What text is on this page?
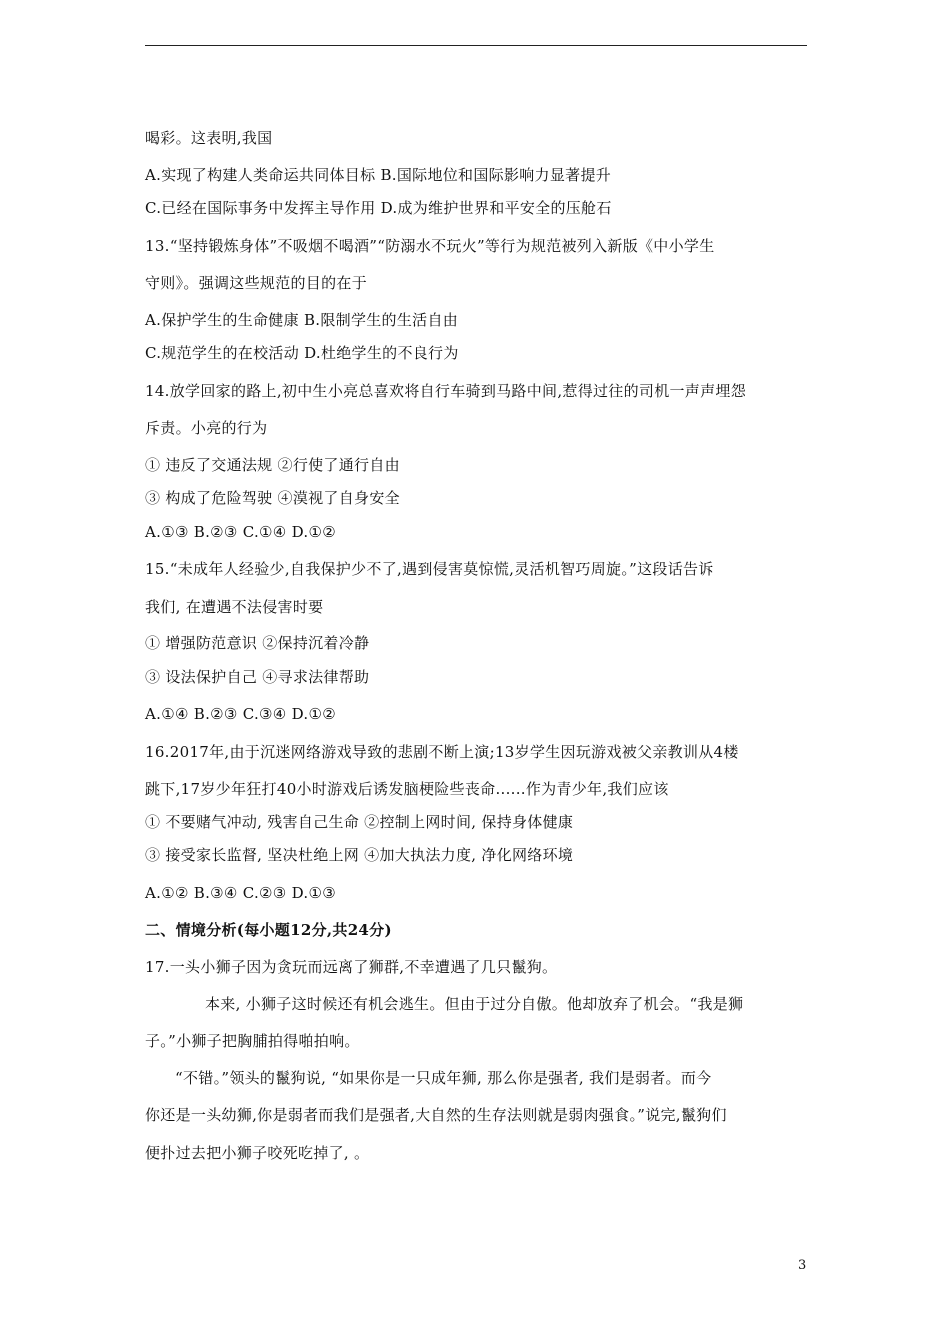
喝彩。这表明,我国
A.实现了构建人类命运共同体目标 B.国际地位和国际影响力显著提升
C.已经在国际事务中发挥主导作用 D.成为维护世界和平安全的压舱石
13.“坚持锻炼身体”不吸烟不喝酒”“防溺水不玩火”等行为规范被列入新版《中小学生
守则》。强调这些规范的目的在于
A.保护学生的生命健康 B.限制学生的生活自由
C.规范学生的在校活动 D.杜绝学生的不良行为
14.放学回家的路上,初中生小亮总喜欢将自行车骑到马路中间,惹得过往的司机一声声埋怨
斥责。小亮的行为
① 违反了交通法规 ②行使了通行自由
③ 构成了危险驾驶 ④漠视了自身安全
A.①③ B.②③ C.①④ D.①②
15.“未成年人经验少,自我保护少不了,遇到侵害莫惊慌,灵活机智巧周旋。”这段话告诉
我们, 在遭遇不法侵害时要
① 增强防范意识 ②保持沉着冷静
③ 设法保护自己 ④寻求法律帮助
A.①④ B.②③ C.③④ D.①②
16.2017年,由于沉迷网络游戏导致的悲剧不断上演;13岁学生因玩游戏被父亲教训从4楼
跳下,17岁少年狂打40小时游戏后诱发脑梗险些丧命......作为青少年,我们应该
① 不要赌气冲动, 残害自己生命 ②控制上网时间, 保持身体健康
③ 接受家长监督, 坚决杜绝上网 ④加大执法力度, 净化网络环境
A.①② B.③④ C.②③ D.①③
二、情境分析(每小题12分,共24分)
17.一头小狮子因为贪玩而远离了狮群,不幸遭遇了几只鬣狗。
本来, 小狮子这时候还有机会逃生。但由于过分自傲。他却放弃了机会。“我是狮
子。”小狮子把胸脯拍得啪拍响。
“不错。”领头的鬣狗说, “如果你是一只成年狮, 那么你是强者, 我们是弱者。而今
你还是一头幼狮,你是弱者而我们是强者,大自然的生存法则就是弱肉强食。”说完,鬣狗们
便扑过去把小狮子咬死吃掉了, 。
3
